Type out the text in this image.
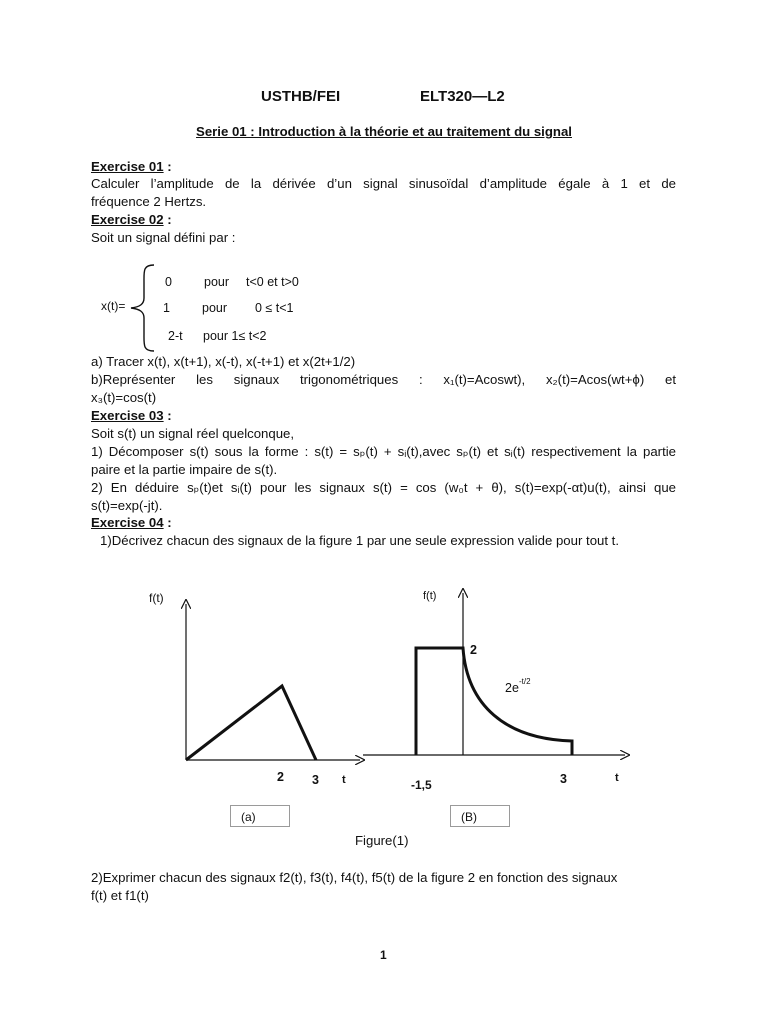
USTHB/FEI	ELT320—L2
Serie 01 : Introduction à la théorie et au traitement du signal
Exercise 01 :
Calculer l’amplitude de la dérivée d’un signal sinusoïdal d’amplitude égale à 1 et de
fréquence 2 Hertzs.
Exercise 02 :
Soit un signal défini par :
x(t)=
0	pour t<0 et t>0
1	pour 0 ≤ t<1
2-t pour 1≤ t<2
a) Tracer x(t), x(t+1), x(-t), x(-t+1) et x(2t+1/2)
b)Représenter les signaux trigonométriques : x₁(t)=Acoswt), x₂(t)=Acos(wt+ϕ) et
x₃(t)=cos(t)
Exercise 03 :
Soit s(t) un signal réel quelconque,
1) Décomposer s(t) sous la forme : s(t) = sₚ(t) + sᵢ(t),avec sₚ(t) et sᵢ(t) respectivement la partie
paire et la partie impaire de s(t).
2) En déduire sₚ(t)et sᵢ(t) pour les signaux s(t) = cos (w₀t + θ), s(t)=exp(-αt)u(t), ainsi que
s(t)=exp(-jt).
Exercise 04 :
1)Décrivez chacun des signaux de la figure 1 par une seule expression valide pour tout t.
f(t)
2 3 t
f(t)
2
2e -t/2
-1,5	3	t
(a)	(B)
Figure(1)
2)Exprimer chacun des signaux f2(t), f3(t), f4(t), f5(t) de la figure 2 en fonction des signaux
f(t) et f1(t)
1
